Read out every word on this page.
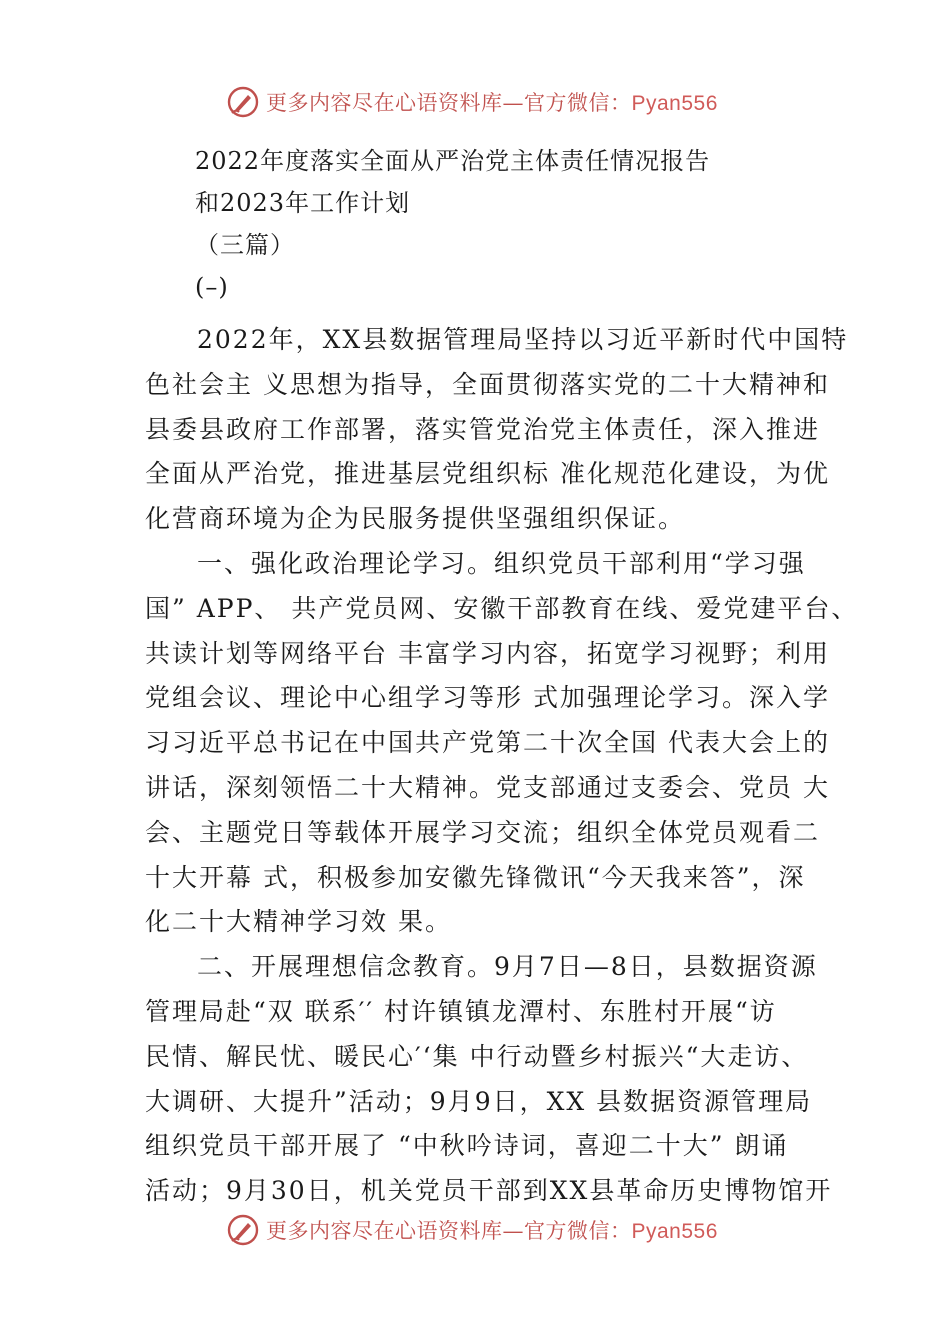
更多内容尽在心语资料库—官方微信：Pyan556
2022年度落实全面从严治党主体责任情况报告
和2023年工作计划
（三篇）
(–)
2022年，XX县数据管理局坚持以习近平新时代中国特
色社会主 义思想为指导，全面贯彻落实党的二十大精神和
县委县政府工作部署，落实管党治党主体责任，深入推进
全面从严治党，推进基层党组织标 准化规范化建设，为优
化营商环境为企为民服务提供坚强组织保证。
一、强化政治理论学习。组织党员干部利用“学习强
国” APP、 共产党员网、安徽干部教育在线、爱党建平台、
共读计划等网络平台 丰富学习内容，拓宽学习视野；利用
党组会议、理论中心组学习等形 式加强理论学习。深入学
习习近平总书记在中国共产党第二十次全国 代表大会上的
讲话，深刻领悟二十大精神。党支部通过支委会、党员 大
会、主题党日等载体开展学习交流；组织全体党员观看二
十大开幕 式，积极参加安徽先锋微讯“今天我来答”，深
化二十大精神学习效 果。
二、开展理想信念教育。9月7日—8日，县数据资源
管理局赴“双 联系′′ 村许镇镇龙潭村、东胜村开展“访
民情、解民忧、暖民心′‘集 中行动暨乡村振兴“大走访、
大调研、大提升”活动；9月9日，XX 县数据资源管理局
组织党员干部开展了 “中秋吟诗词，喜迎二十大” 朗诵
活动；9月30日，机关党员干部到XX县革命历史博物馆开
更多内容尽在心语资料库—官方微信：Pyan556
